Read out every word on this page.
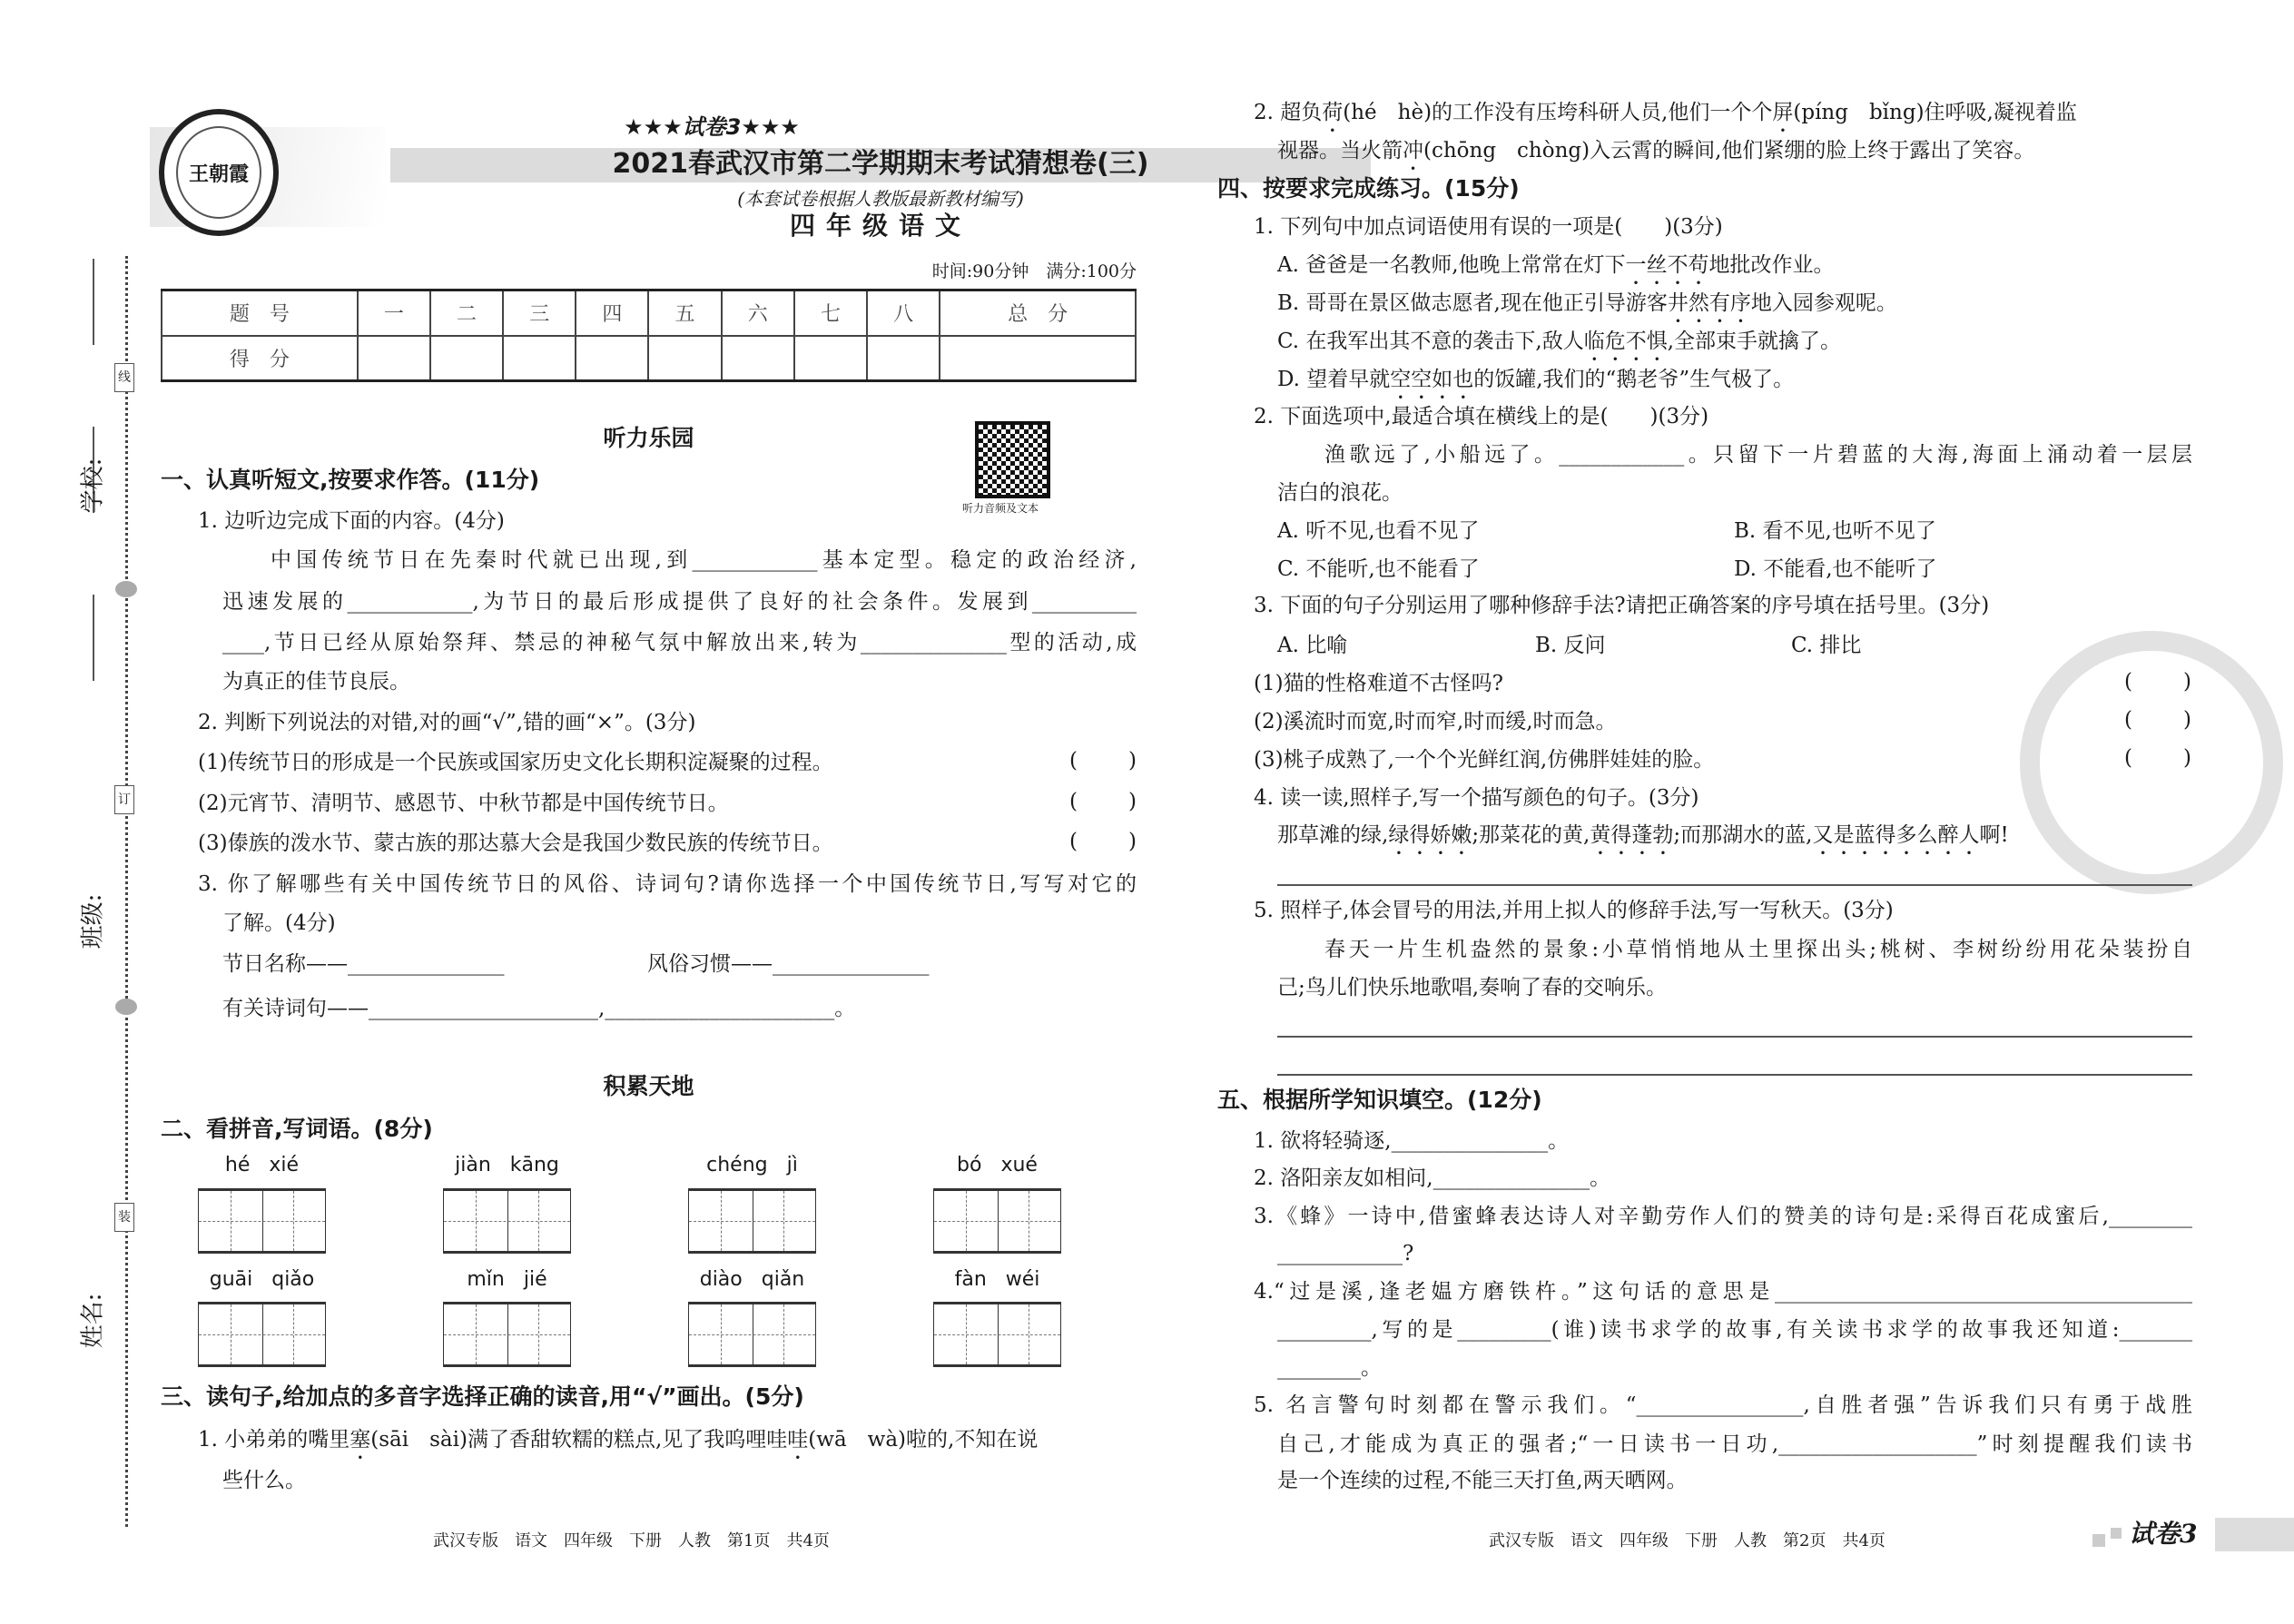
学校:
班级:
姓名:
线
订
装
王朝霞
★★★试卷3★★★
2021春武汉市第二学期期末考试猜想卷(三)
(本套试卷根据人教版最新教材编写)
四年级语文
时间:90分钟　满分:100分
题　号	一	二	三	四	五	六	七	八	总　分
得　分									
听力乐园
听力音频及文本
一、认真听短文,按要求作答。(11分)
1. 边听边完成下面的内容。(4分)
中国传统节日在先秦时代就已出现,到____________基本定型。稳定的政治经济,
迅速发展的____________,为节日的最后形成提供了良好的社会条件。发展到__________
____,节日已经从原始祭拜、禁忌的神秘气氛中解放出来,转为______________型的活动,成
为真正的佳节良辰。
2. 判断下列说法的对错,对的画“√”,错的画“×”。(3分)
(1)传统节日的形成是一个民族或国家历史文化长期积淀凝聚的过程。
(2)元宵节、清明节、感恩节、中秋节都是中国传统节日。
(3)傣族的泼水节、蒙古族的那达慕大会是我国少数民族的传统节日。
( )
( )
( )
3. 你了解哪些有关中国传统节日的风俗、诗词句?请你选择一个中国传统节日,写写对它的
了解。(4分)
节日名称——_______________	风俗习惯——_______________
有关诗词句——______________________,______________________。
积累天地
二、看拼音,写词语。(8分)
hé xié	jiàn kāng	chéng jì	bó xué
guāi qiǎo	mǐn jié	diào qiǎn	fàn wéi
三、读句子,给加点的多音字选择正确的读音,用“√”画出。(5分)
1. 小弟弟的嘴里塞(sāi　sài)满了香甜软糯的糕点,见了我呜哩哇哇(wā　wà)啦的,不知在说
些什么。
武汉专版　语文　四年级　下册　人教　第1页　共4页
2. 超负荷(hé　hè)的工作没有压垮科研人员,他们一个个屏(píng　bǐng)住呼吸,凝视着监
视器。当火箭冲(chōng　chòng)入云霄的瞬间,他们紧绷的脸上终于露出了笑容。
四、按要求完成练习。(15分)
1. 下列句中加点词语使用有误的一项是(　　)(3分)
A. 爸爸是一名教师,他晚上常常在灯下一丝不苟地批改作业。
B. 哥哥在景区做志愿者,现在他正引导游客井然有序地入园参观呢。
C. 在我军出其不意的袭击下,敌人临危不惧,全部束手就擒了。
D. 望着早就空空如也的饭罐,我们的“鹅老爷”生气极了。
2. 下面选项中,最适合填在横线上的是(　　)(3分)
渔歌远了,小船远了。____________。只留下一片碧蓝的大海,海面上涌动着一层层
洁白的浪花。
A. 听不见,也看不见了	B. 看不见,也听不见了
C. 不能听,也不能看了	D. 不能看,也不能听了
3. 下面的句子分别运用了哪种修辞手法?请把正确答案的序号填在括号里。(3分)
A. 比喻	B. 反问	C. 排比
(1)猫的性格难道不古怪吗?
(2)溪流时而宽,时而窄,时而缓,时而急。
(3)桃子成熟了,一个个光鲜红润,仿佛胖娃娃的脸。
( )
( )
( )
4. 读一读,照样子,写一个描写颜色的句子。(3分)
那草滩的绿,绿得娇嫩;那菜花的黄,黄得蓬勃;而那湖水的蓝,又是蓝得多么醉人啊!
5. 照样子,体会冒号的用法,并用上拟人的修辞手法,写一写秋天。(3分)
春天一片生机盎然的景象:小草悄悄地从土里探出头;桃树、李树纷纷用花朵装扮自
己;鸟儿们快乐地歌唱,奏响了春的交响乐。
五、根据所学知识填空。(12分)
1. 欲将轻骑逐,_______________。
2. 洛阳亲友如相问,_______________。
3.《蜂》一诗中,借蜜蜂表达诗人对辛勤劳作人们的赞美的诗句是:采得百花成蜜后,________
____________?
4.“过是溪,逢老媪方磨铁杵。”这句话的意思是________________________________________
_________,写的是_________(谁)读书求学的故事,有关读书求学的故事我还知道:_______
________。
5. 名言警句时刻都在警示我们。“________________,自胜者强”告诉我们只有勇于战胜
自己,才能成为真正的强者;“一日读书一日功,___________________”时刻提醒我们读书
是一个连续的过程,不能三天打鱼,两天晒网。
武汉专版　语文　四年级　下册　人教　第2页　共4页	试卷3
